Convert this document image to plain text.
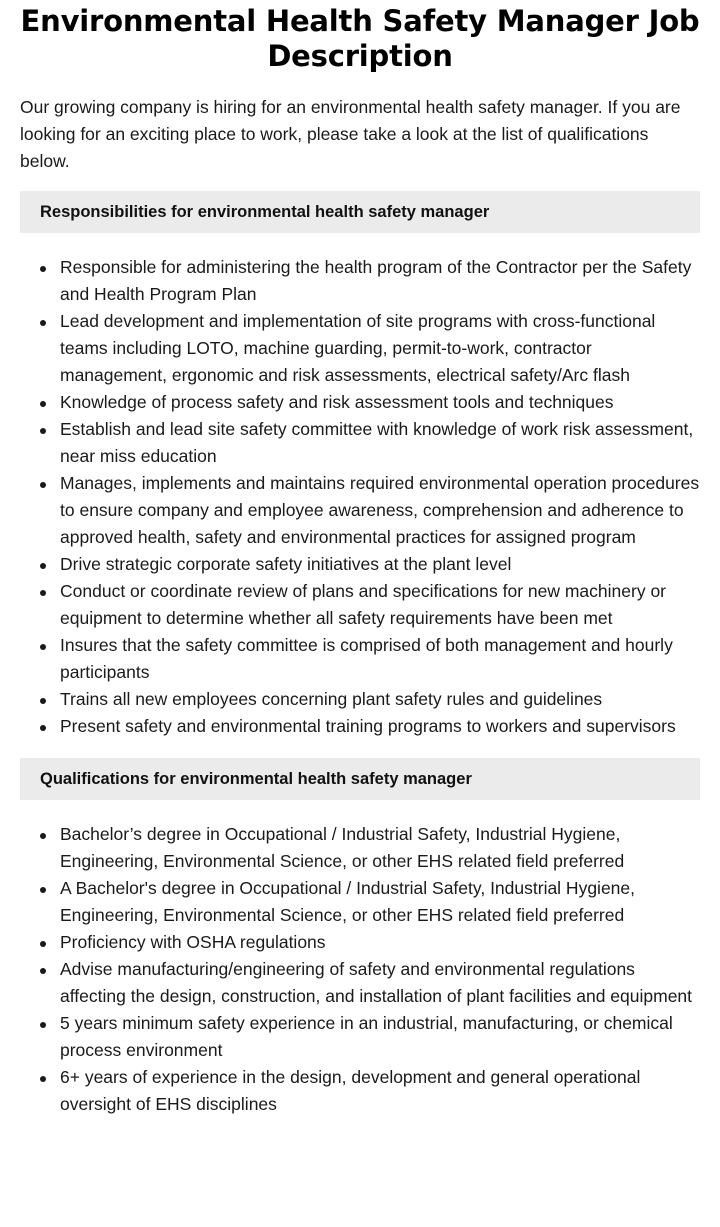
Environmental Health Safety Manager Job Description

Our growing company is hiring for an environmental health safety manager. If you are looking for an exciting place to work, please take a look at the list of qualifications below.

Responsibilities for environmental health safety manager
Responsible for administering the health program of the Contractor per the Safety and Health Program Plan
Lead development and implementation of site programs with cross-functional teams including LOTO, machine guarding, permit-to-work, contractor management, ergonomic and risk assessments, electrical safety/Arc flash
Knowledge of process safety and risk assessment tools and techniques
Establish and lead site safety committee with knowledge of work risk assessment, near miss education
Manages, implements and maintains required environmental operation procedures to ensure company and employee awareness, comprehension and adherence to approved health, safety and environmental practices for assigned program
Drive strategic corporate safety initiatives at the plant level
Conduct or coordinate review of plans and specifications for new machinery or equipment to determine whether all safety requirements have been met
Insures that the safety committee is comprised of both management and hourly participants
Trains all new employees concerning plant safety rules and guidelines
Present safety and environmental training programs to workers and supervisors
Qualifications for environmental health safety manager
Bachelor’s degree in Occupational / Industrial Safety, Industrial Hygiene, Engineering, Environmental Science, or other EHS related field preferred
A Bachelor's degree in Occupational / Industrial Safety, Industrial Hygiene, Engineering, Environmental Science, or other EHS related field preferred
Proficiency with OSHA regulations
Advise manufacturing/engineering of safety and environmental regulations affecting the design, construction, and installation of plant facilities and equipment
5 years minimum safety experience in an industrial, manufacturing, or chemical process environment
6+ years of experience in the design, development and general operational oversight of EHS disciplines
